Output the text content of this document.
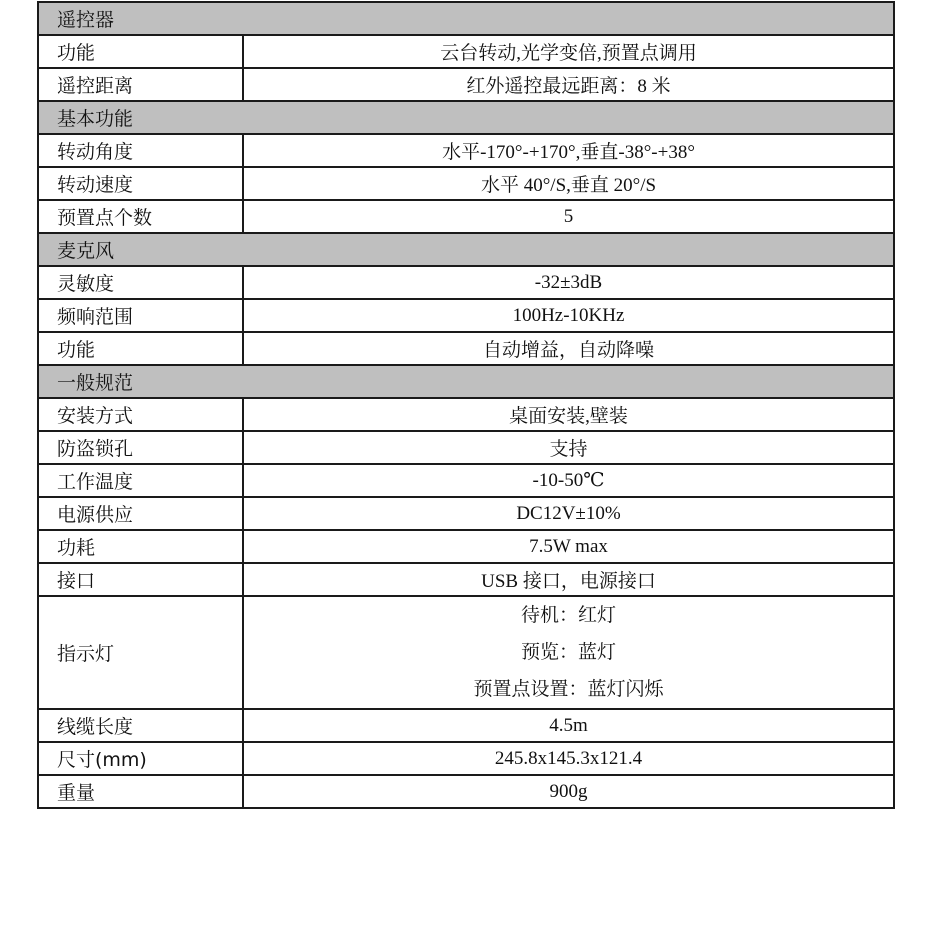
遥控器	
功能	云台转动,光学变倍,预置点调用
遥控距离	红外遥控最远距离：8 米
基本功能	
转动角度	水平-170°-+170°,垂直-38°-+38°
转动速度	水平 40°/S,垂直 20°/S
预置点个数	5
麦克风	
灵敏度	-32±3dB
频响范围	100Hz-10KHz
功能	自动增益，自动降噪
一般规范	
安装方式	桌面安装,壁装
防盗锁孔	支持
工作温度	-10-50℃
电源供应	DC12V±10%
功耗	7.5W max
接口	USB 接口，电源接口
指示灯	待机：红灯
预览：蓝灯
预置点设置：蓝灯闪烁

线缆长度	4.5m
尺寸(mm)	245.8x145.3x121.4
重量	900g
